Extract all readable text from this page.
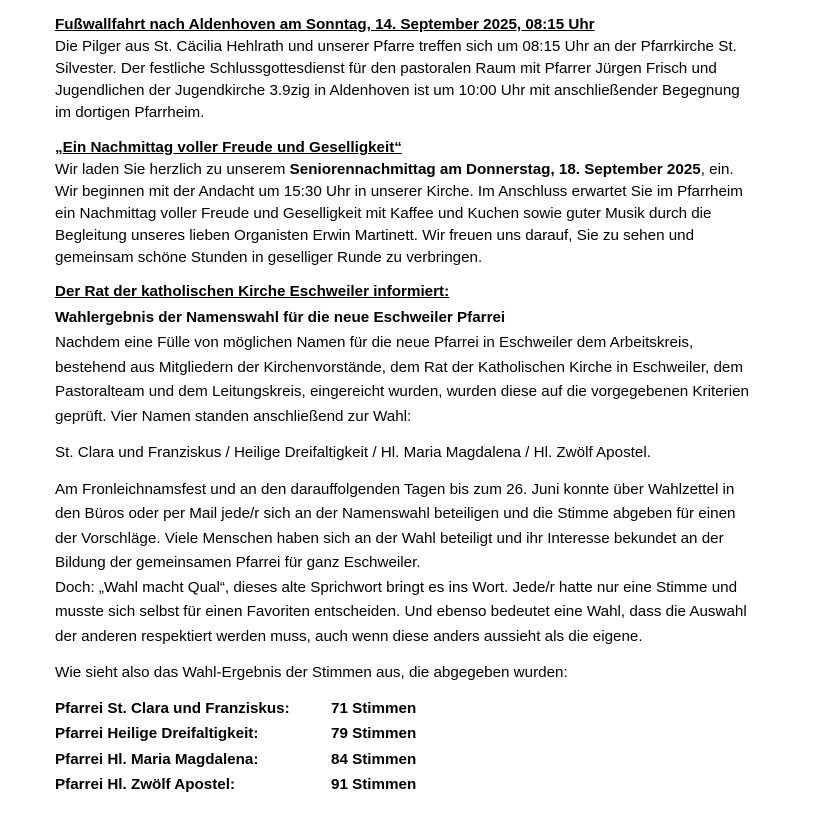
Fußwallfahrt nach Aldenhoven am Sonntag, 14. September 2025, 08:15 Uhr

Die Pilger aus St. Cäcilia Hehlrath und unserer Pfarre treffen sich um 08:15 Uhr an der Pfarrkirche St.

Silvester. Der festliche Schlussgottesdienst für den pastoralen Raum mit Pfarrer Jürgen Frisch und

Jugendlichen der Jugendkirche 3.9zig in Aldenhoven ist um 10:00 Uhr mit anschließender Begegnung

im dortigen Pfarrheim.

„Ein Nachmittag voller Freude und Geselligkeit“

Wir laden Sie herzlich zu unserem Seniorennachmittag am Donnerstag, 18. September 2025, ein.

Wir beginnen mit der Andacht um 15:30 Uhr in unserer Kirche. Im Anschluss erwartet Sie im Pfarrheim

ein Nachmittag voller Freude und Geselligkeit mit Kaffee und Kuchen sowie guter Musik durch die

Begleitung unseres lieben Organisten Erwin Martinett. Wir freuen uns darauf, Sie zu sehen und

gemeinsam schöne Stunden in geselliger Runde zu verbringen.

Der Rat der katholischen Kirche Eschweiler informiert:
Wahlergebnis der Namenswahl für die neue Eschweiler Pfarrei

Nachdem eine Fülle von möglichen Namen für die neue Pfarrei in Eschweiler dem Arbeitskreis,

bestehend aus Mitgliedern der Kirchenvorstände, dem Rat der Katholischen Kirche in Eschweiler, dem

Pastoralteam und dem Leitungskreis, eingereicht wurden, wurden diese auf die vorgegebenen Kriterien

geprüft. Vier Namen standen anschließend zur Wahl:

St. Clara und Franziskus / Heilige Dreifaltigkeit / Hl. Maria Magdalena / Hl. Zwölf Apostel.

Am Fronleichnamsfest und an den darauffolgenden Tagen bis zum 26. Juni konnte über Wahlzettel in

den Büros oder per Mail jede/r sich an der Namenswahl beteiligen und die Stimme abgeben für einen

der Vorschläge. Viele Menschen haben sich an der Wahl beteiligt und ihr Interesse bekundet an der

Bildung der gemeinsamen Pfarrei für ganz Eschweiler.

Doch: „Wahl macht Qual“, dieses alte Sprichwort bringt es ins Wort. Jede/r hatte nur eine Stimme und

musste sich selbst für einen Favoriten entscheiden. Und ebenso bedeutet eine Wahl, dass die Auswahl

der anderen respektiert werden muss, auch wenn diese anders aussieht als die eigene.

Wie sieht also das Wahl-Ergebnis der Stimmen aus, die abgegeben wurden:

Pfarrei St. Clara und Franziskus:	71 Stimmen
Pfarrei Heilige Dreifaltigkeit:	79 Stimmen
Pfarrei Hl. Maria Magdalena:	84 Stimmen
Pfarrei Hl. Zwölf Apostel:	91 Stimmen
